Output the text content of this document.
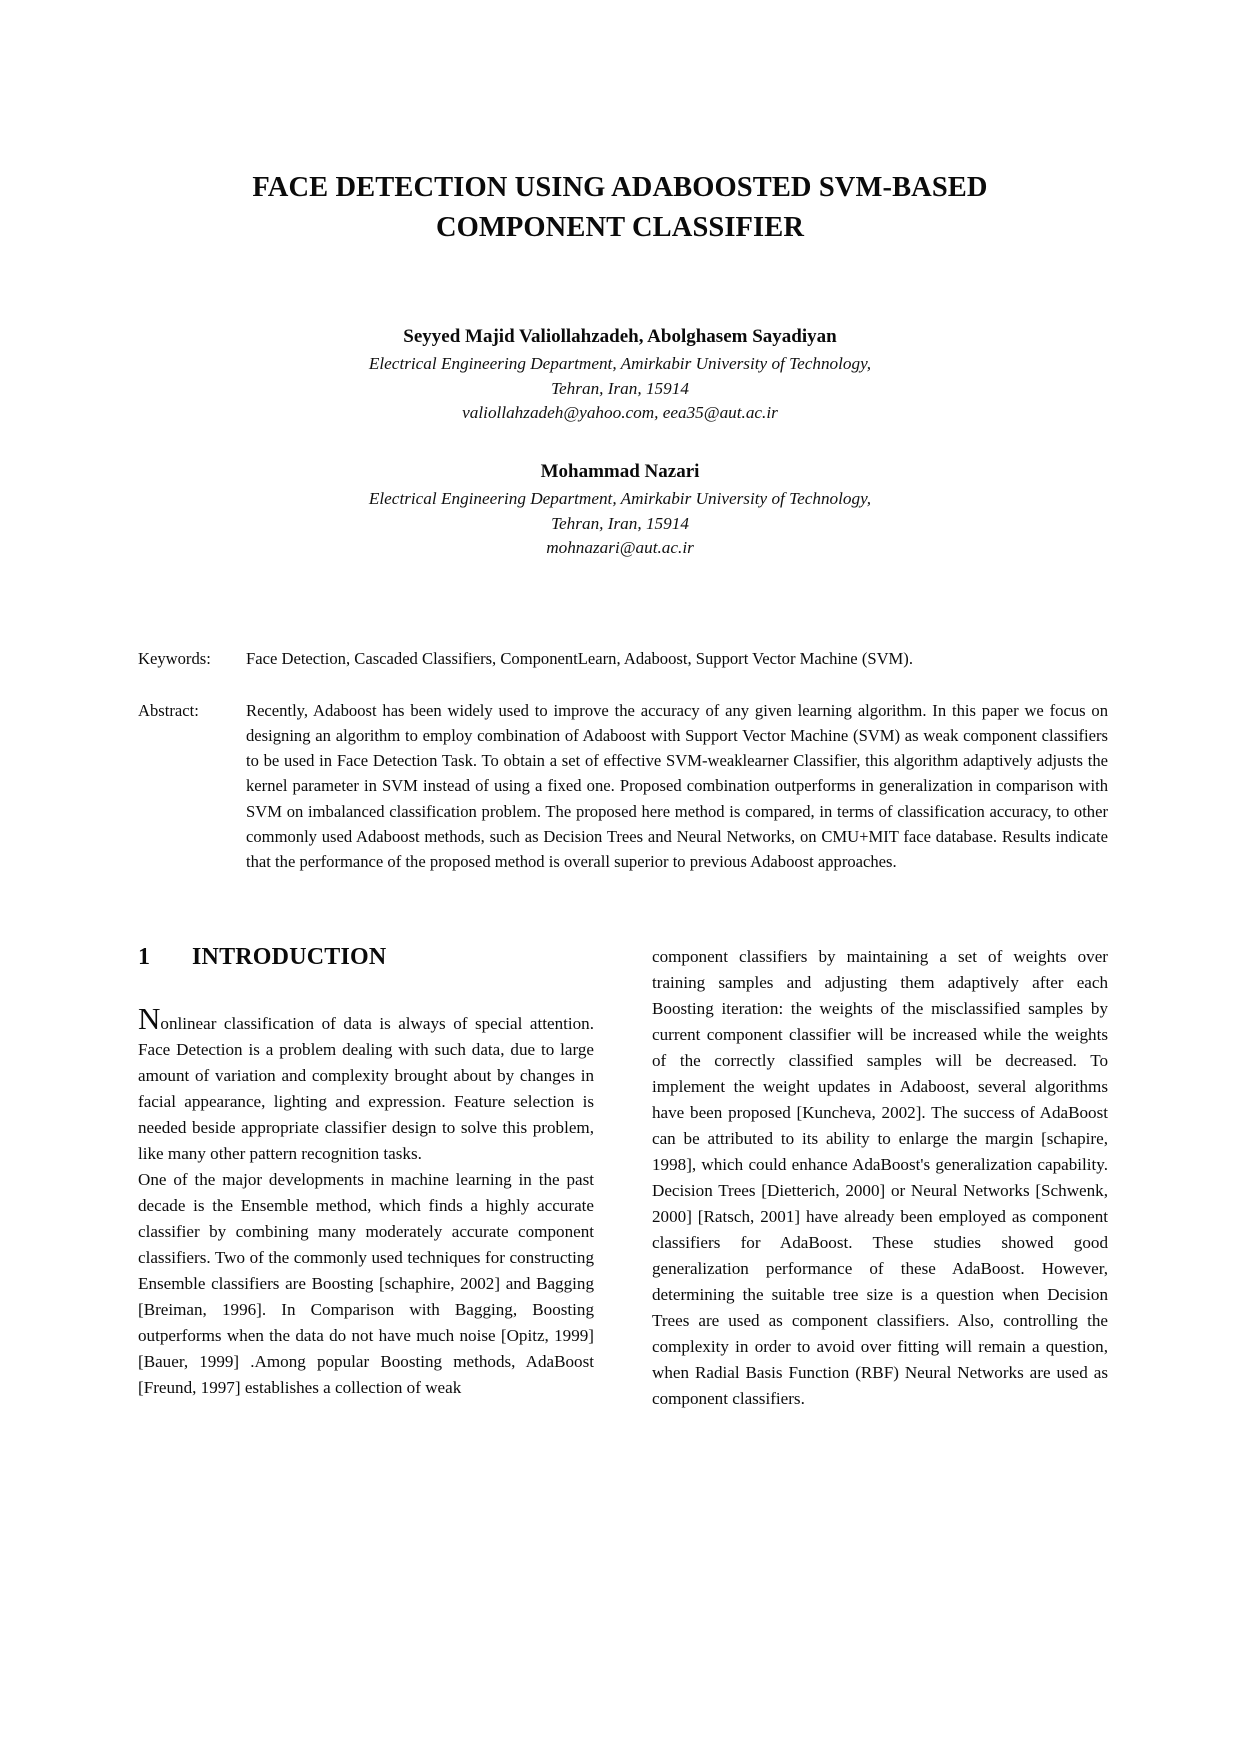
FACE DETECTION USING ADABOOSTED SVM-BASED COMPONENT CLASSIFIER
Seyyed Majid Valiollahzadeh, Abolghasem Sayadiyan
Electrical Engineering Department, Amirkabir University of Technology,
Tehran, Iran, 15914
valiollahzadeh@yahoo.com, eea35@aut.ac.ir
Mohammad Nazari
Electrical Engineering Department, Amirkabir University of Technology,
Tehran, Iran, 15914
mohnazari@aut.ac.ir
Keywords:	Face Detection, Cascaded Classifiers, ComponentLearn, Adaboost, Support Vector Machine (SVM).
Abstract:	Recently, Adaboost has been widely used to improve the accuracy of any given learning algorithm. In this paper we focus on designing an algorithm to employ combination of Adaboost with Support Vector Machine (SVM) as weak component classifiers to be used in Face Detection Task. To obtain a set of effective SVM-weaklearner Classifier, this algorithm adaptively adjusts the kernel parameter in SVM instead of using a fixed one. Proposed combination outperforms in generalization in comparison with SVM on imbalanced classification problem. The proposed here method is compared, in terms of classification accuracy, to other commonly used Adaboost methods, such as Decision Trees and Neural Networks, on CMU+MIT face database. Results indicate that the performance of the proposed method is overall superior to previous Adaboost approaches.
1	INTRODUCTION

Nonlinear classification of data is always of special attention. Face Detection is a problem dealing with such data, due to large amount of variation and complexity brought about by changes in facial appearance, lighting and expression. Feature selection is needed beside appropriate classifier design to solve this problem, like many other pattern recognition tasks.

One of the major developments in machine learning in the past decade is the Ensemble method, which finds a highly accurate classifier by combining many moderately accurate component classifiers. Two of the commonly used techniques for constructing Ensemble classifiers are Boosting [schaphire, 2002] and Bagging [Breiman, 1996]. In Comparison with Bagging, Boosting outperforms when the data do not have much noise [Opitz, 1999] [Bauer, 1999] .Among popular Boosting methods, AdaBoost [Freund, 1997] establishes a collection of weak

component classifiers by maintaining a set of weights over training samples and adjusting them adaptively after each Boosting iteration: the weights of the misclassified samples by current component classifier will be increased while the weights of the correctly classified samples will be decreased. To implement the weight updates in Adaboost, several algorithms have been proposed [Kuncheva, 2002]. The success of AdaBoost can be attributed to its ability to enlarge the margin [schapire, 1998], which could enhance AdaBoost's generalization capability. Decision Trees [Dietterich, 2000] or Neural Networks [Schwenk, 2000] [Ratsch, 2001] have already been employed as component classifiers for AdaBoost. These studies showed good generalization performance of these AdaBoost. However, determining the suitable tree size is a question when Decision Trees are used as component classifiers. Also, controlling the complexity in order to avoid over fitting will remain a question, when Radial Basis Function (RBF) Neural Networks are used as component classifiers.
